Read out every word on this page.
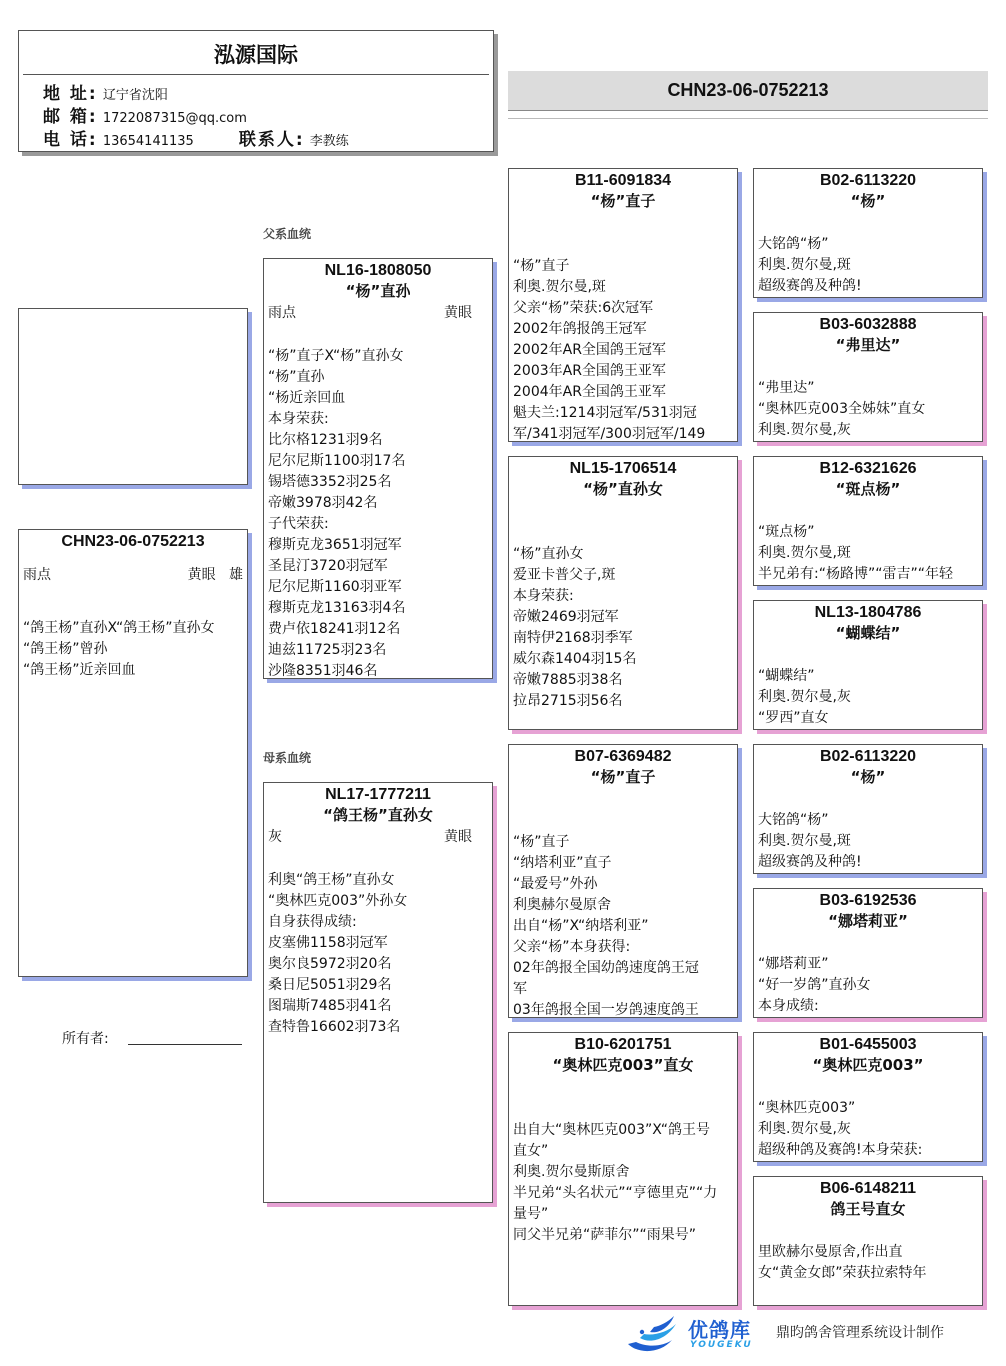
泓源国际
地 址: 辽宁省沈阳
邮 箱: 1722087315@qq.com
电 话: 13654141135	联系人: 李教练
CHN23-06-0752213
CHN23-06-0752213
雨点	黄眼 雄
“鸽王杨”直孙X“鸽王杨”直孙女
“鸽王杨”曾孙
“鸽王杨”近亲回血
所有者:
父系血统
母系血统
NL16-1808050
“杨”直孙
雨点	黄眼
“杨”直子X“杨”直孙女
“杨”直孙
“杨近亲回血
本身荣获:
比尔格1231羽9名
尼尔尼斯1100羽17名
锡塔德3352羽25名
帝嫩3978羽42名
子代荣获:
穆斯克龙3651羽冠军
圣昆汀3720羽冠军
尼尔尼斯1160羽亚军
穆斯克龙13163羽4名
费卢依18241羽12名
迪兹11725羽23名
沙隆8351羽46名
NL17-1777211
“鸽王杨”直孙女
灰	黄眼
利奥“鸽王杨”直孙女
“奥林匹克003”外孙女
自身获得成绩:
皮塞佛1158羽冠军
奥尔良5972羽20名
桑日尼5051羽29名
图瑞斯7485羽41名
查特鲁16602羽73名
B11-6091834
“杨”直子
“杨”直子
利奥.贺尔曼,斑
父亲“杨”荣获:6次冠军
2002年鸽报鸽王冠军
2002年AR全国鸽王冠军
2003年AR全国鸽王亚军
2004年AR全国鸽王亚军
魁夫兰:1214羽冠军/531羽冠
军/341羽冠军/300羽冠军/149
NL15-1706514
“杨”直孙女
“杨”直孙女
爱亚卡普父子,斑
本身荣获:
帝嫩2469羽冠军
南特伊2168羽季军
威尔森1404羽15名
帝嫩7885羽38名
拉昂2715羽56名
B07-6369482
“杨”直子
“杨”直子
“纳塔利亚”直子
“最爱号”外孙
利奥赫尔曼原舍
出自“杨”X“纳塔利亚”
父亲“杨”本身获得:
02年鸽报全国幼鸽速度鸽王冠
军
03年鸽报全国一岁鸽速度鸽王
B10-6201751
“奥林匹克003”直女
出自大“奥林匹克003”X“鸽王号
直女”
利奥.贺尔曼斯原舍
半兄弟“头名状元”“亨德里克”“力
量号”
同父半兄弟“萨菲尔”“雨果号”
B02-6113220
“杨”
大铭鸽“杨”
利奥.贺尔曼,斑
超级赛鸽及种鸽!
B03-6032888
“弗里达”
“弗里达”
“奥林匹克003全姊妹”直女
利奥.贺尔曼,灰
B12-6321626
“斑点杨”
“斑点杨”
利奥.贺尔曼,斑
半兄弟有:“杨路博”“雷吉”“年轻
NL13-1804786
“蝴蝶结”
“蝴蝶结”
利奥.贺尔曼,灰
“罗西”直女
B02-6113220
“杨”
大铭鸽“杨”
利奥.贺尔曼,斑
超级赛鸽及种鸽!
B03-6192536
“娜塔莉亚”
“娜塔莉亚”
“好一岁鸽”直孙女
本身成绩:
B01-6455003
“奥林匹克003”
“奥林匹克003”
利奥.贺尔曼,灰
超级种鸽及赛鸽!本身荣获:
B06-6148211
鸽王号直女
里欧赫尔曼原舍,作出直
女“黄金女郎”荣获拉索特年
优鸽库
YOUGEKU
鼎昀鸽舍管理系统设计制作
